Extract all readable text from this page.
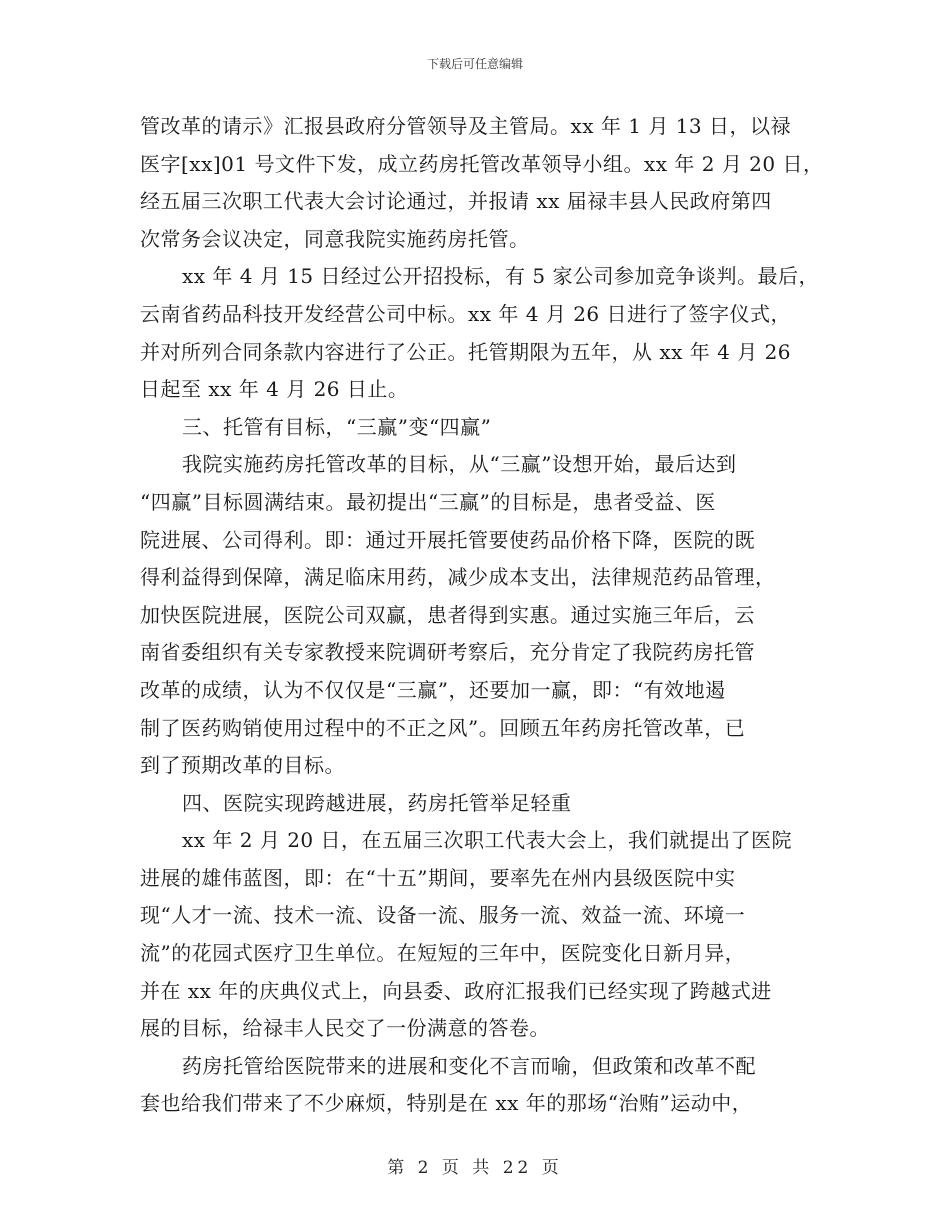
下载后可任意编辑
管改革的请示》汇报县政府分管领导及主管局。xx 年 1 月 13 日，以禄
医字[xx]01 号文件下发，成立药房托管改革领导小组。xx 年 2 月 20 日，
经五届三次职工代表大会讨论通过，并报请 xx 届禄丰县人民政府第四
次常务会议决定，同意我院实施药房托管。
xx 年 4 月 15 日经过公开招投标，有 5 家公司参加竞争谈判。最后，
云南省药品科技开发经营公司中标。xx 年 4 月 26 日进行了签字仪式，
并对所列合同条款内容进行了公正。托管期限为五年，从 xx 年 4 月 26
日起至 xx 年 4 月 26 日止。
三、托管有目标，“三赢”变“四赢”
我院实施药房托管改革的目标，从“三赢”设想开始，最后达到
“四赢”目标圆满结束。最初提出“三赢”的目标是，患者受益、医
院进展、公司得利。即：通过开展托管要使药品价格下降，医院的既
得利益得到保障，满足临床用药，减少成本支出，法律规范药品管理，
加快医院进展，医院公司双赢，患者得到实惠。通过实施三年后，云
南省委组织有关专家教授来院调研考察后，充分肯定了我院药房托管
改革的成绩，认为不仅仅是“三赢”，还要加一赢，即：“有效地遏
制了医药购销使用过程中的不正之风”。回顾五年药房托管改革，已
到了预期改革的目标。
四、医院实现跨越进展，药房托管举足轻重
xx 年 2 月 20 日，在五届三次职工代表大会上，我们就提出了医院
进展的雄伟蓝图，即：在“十五”期间，要率先在州内县级医院中实
现“人才一流、技术一流、设备一流、服务一流、效益一流、环境一
流”的花园式医疗卫生单位。在短短的三年中，医院变化日新月异，
并在 xx 年的庆典仪式上，向县委、政府汇报我们已经实现了跨越式进
展的目标，给禄丰人民交了一份满意的答卷。
药房托管给医院带来的进展和变化不言而喻，但政策和改革不配
套也给我们带来了不少麻烦，特别是在 xx 年的那场“治贿”运动中，
第 2 页 共 22 页
